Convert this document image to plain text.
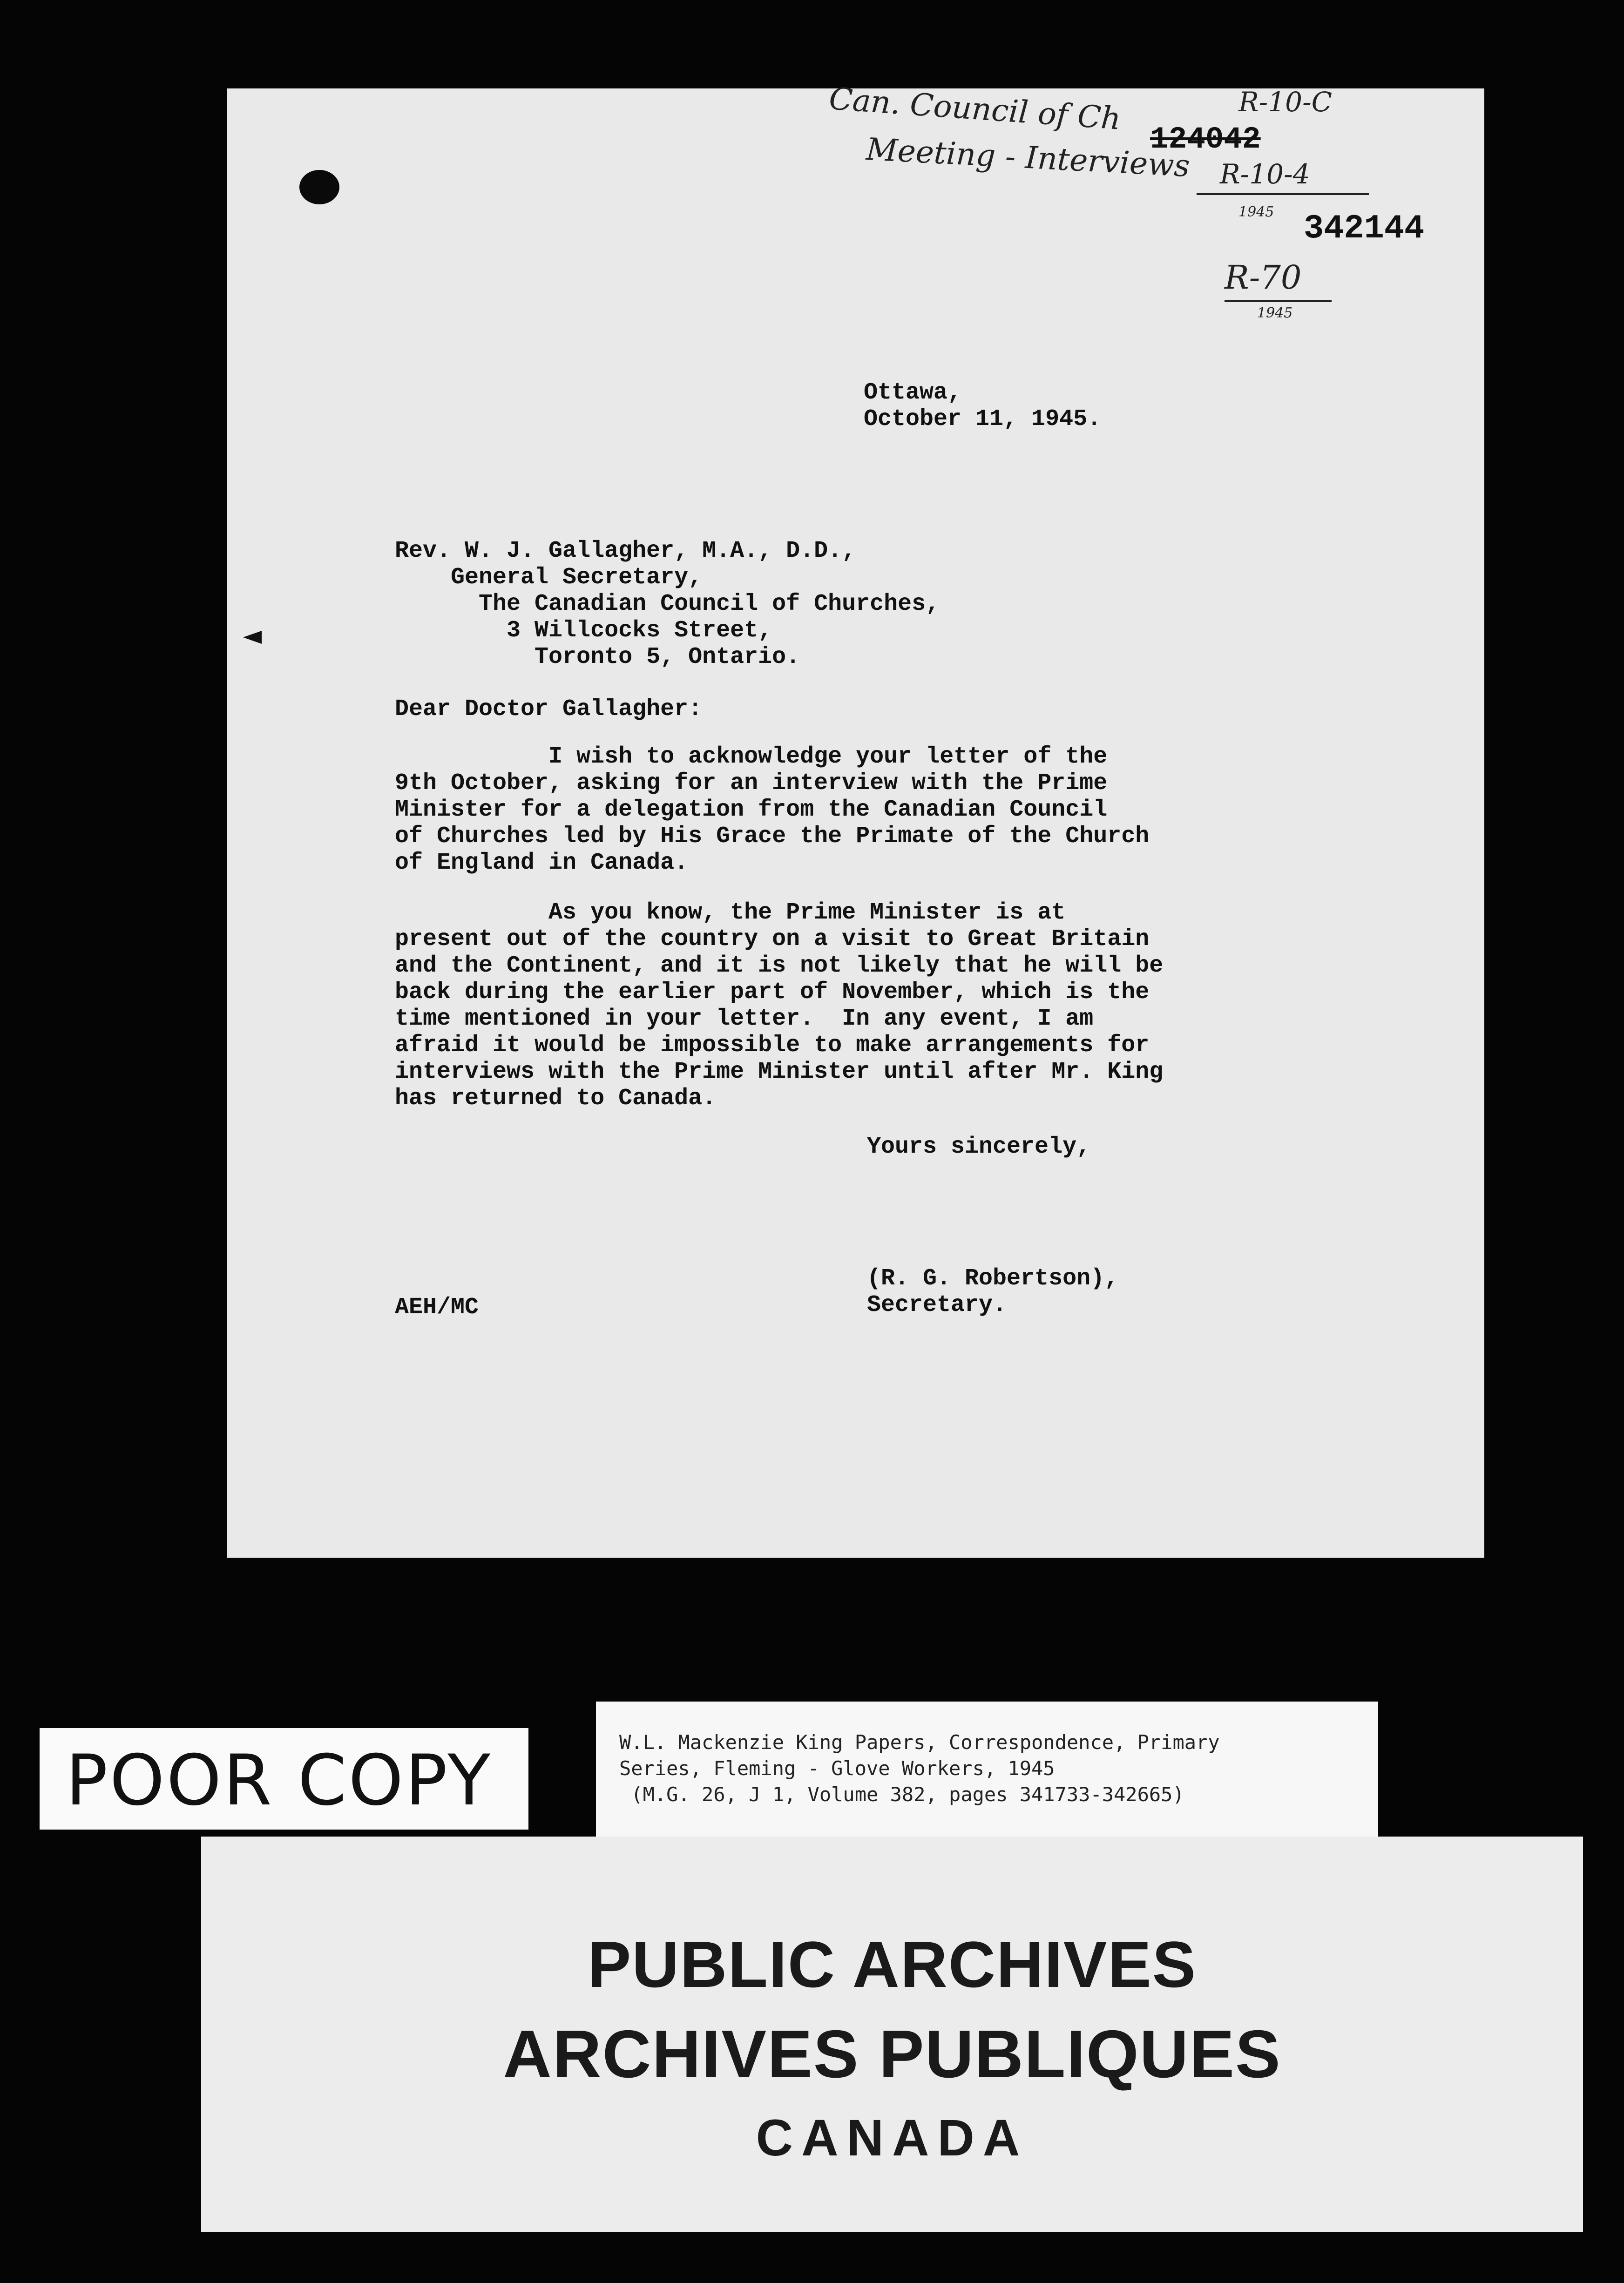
Can. Council of Ch
Meeting - Interviews
124042
R-10-C
R-10-4
1945 342144
R-70
1945

Ottawa,

October 11, 1945.

Rev. W. J. Gallagher, M.A., D.D.,

General Secretary,

The Canadian Council of Churches,

3 Willcocks Street,

Toronto 5, Ontario.

Dear Doctor Gallagher:

I wish to acknowledge your letter of the

9th October, asking for an interview with the Prime

Minister for a delegation from the Canadian Council

of Churches led by His Grace the Primate of the Church

of England in Canada.

As you know, the Prime Minister is at

present out of the country on a visit to Great Britain

and the Continent, and it is not likely that he will be

back during the earlier part of November, which is the

time mentioned in your letter.  In any event, I am

afraid it would be impossible to make arrangements for

interviews with the Prime Minister until after Mr. King

has returned to Canada.

Yours sincerely,

(R. G. Robertson),

Secretary.

AEH/MC

POOR COPY	W.L. Mackenzie King Papers, Correspondence, Primary
Series, Fleming - Glove Workers, 1945
(M.G. 26, J 1, Volume 382, pages 341733-342665)

PUBLIC ARCHIVES
ARCHIVES PUBLIQUES
CANADA
